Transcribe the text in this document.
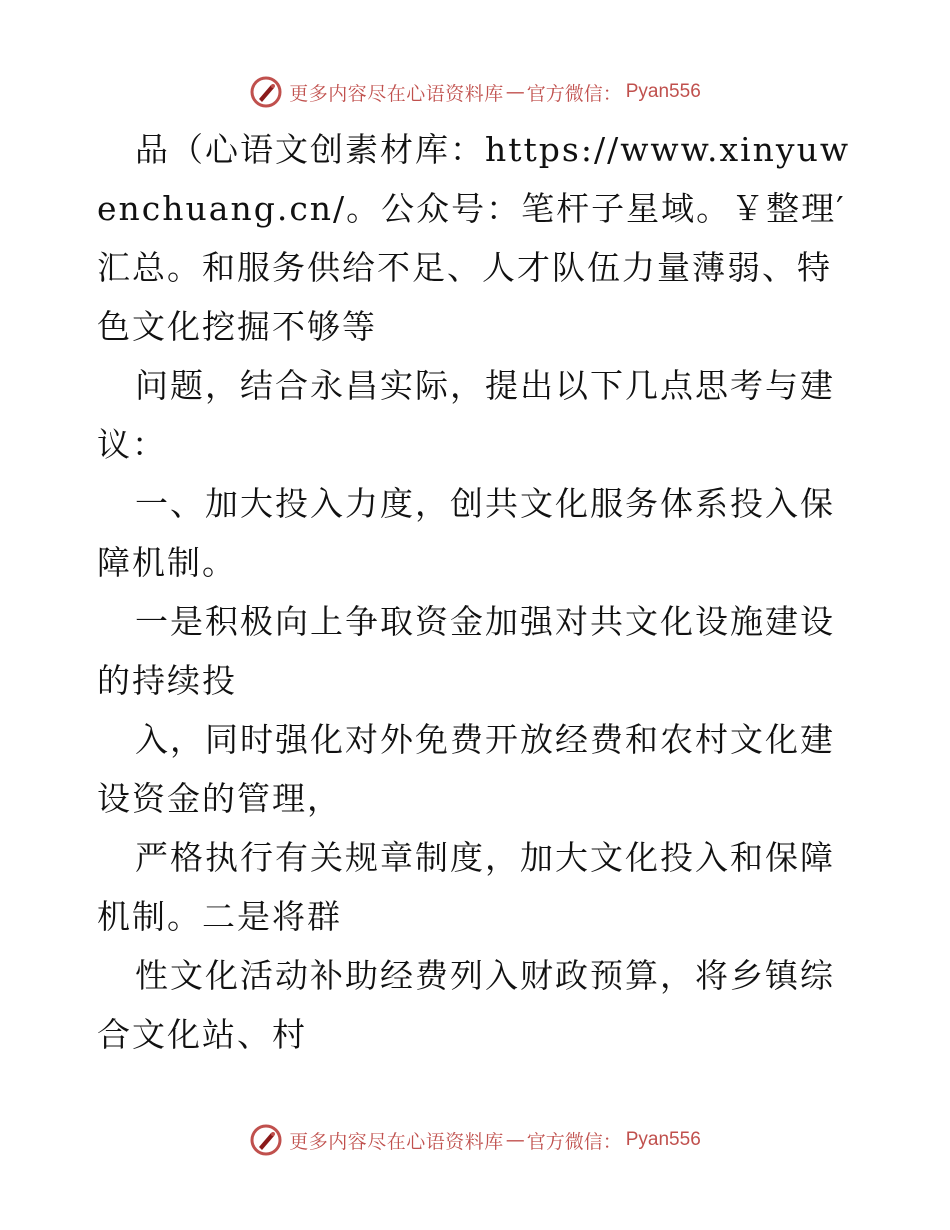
更多内容尽在心语资料库 — 官方微信： Pyan556

品（心语文创素材库：https://www.xinyuwenchuang.cn/。公众号：笔杆子星域。￥整理′汇总。和服务供给不足、人才队伍力量薄弱、特色文化挖掘不够等

问题，结合永昌实际，提出以下几点思考与建议：

一、加大投入力度，创共文化服务体系投入保障机制。

一是积极向上争取资金加强对共文化设施建设的持续投

入，同时强化对外免费开放经费和农村文化建设资金的管理，

严格执行有关规章制度，加大文化投入和保障机制。二是将群

性文化活动补助经费列入财政预算，将乡镇综合文化站、村

更多内容尽在心语资料库 — 官方微信： Pyan556
